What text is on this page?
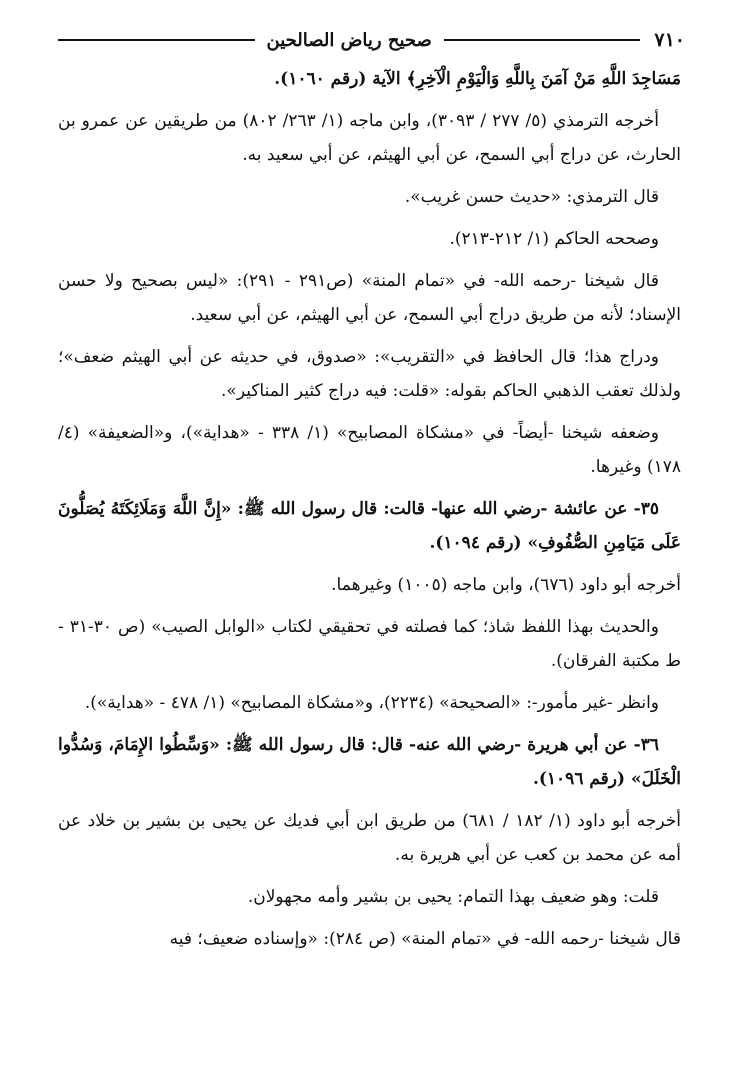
٧١٠
صحيح رياض الصالحين

مَسَاجِدَ اللَّهِ مَنْ آمَنَ بِاللَّهِ وَالْيَوْمِ الْآخِرِ﴾ الآية (رقم ١٠٦٠).

أخرجه الترمذي (٥/ ٢٧٧ / ٣٠٩٣)، وابن ماجه (١/ ٢٦٣/ ٨٠٢) من طريقين عن عمرو بن الحارث، عن دراج أبي السمح، عن أبي الهيثم، عن أبي سعيد به.

قال الترمذي: «حديث حسن غريب».

وصححه الحاكم (١/ ٢١٢-٢١٣).

قال شيخنا -رحمه الله- في «تمام المنة» (ص٢٩١ - ٢٩١): «ليس بصحيح ولا حسن الإسناد؛ لأنه من طريق دراج أبي السمح، عن أبي الهيثم، عن أبي سعيد.

ودراج هذا؛ قال الحافظ في «التقريب»: «صدوق، في حديثه عن أبي الهيثم ضعف»؛ ولذلك تعقب الذهبي الحاكم بقوله: «قلت: فيه دراج كثير المناكير».

وضعفه شيخنا -أيضاً- في «مشكاة المصابيح» (١/ ٣٣٨ - «هداية»)، و«الضعيفة» (٤/ ١٧٨) وغيرها.

٣٥- عن عائشة -رضي الله عنها- قالت: قال رسول الله ﷺ: «إِنَّ اللَّهَ وَمَلَائِكَتَهُ يُصَلُّونَ عَلَى مَيَامِنِ الصُّفُوفِ» (رقم ١٠٩٤).

أخرجه أبو داود (٦٧٦)، وابن ماجه (١٠٠٥) وغيرهما.

والحديث بهذا اللفظ شاذ؛ كما فصلته في تحقيقي لكتاب «الوابل الصيب» (ص ٣٠-٣١ - ط مكتبة الفرقان).

وانظر -غير مأمور-: «الصحيحة» (٢٢٣٤)، و«مشكاة المصابيح» (١/ ٤٧٨ - «هداية»).

٣٦- عن أبي هريرة -رضي الله عنه- قال: قال رسول الله ﷺ: «وَسِّطُوا الإِمَامَ، وَسُدُّوا الْخَلَلَ» (رقم ١٠٩٦).

أخرجه أبو داود (١/ ١٨٢ / ٦٨١) من طريق ابن أبي فديك عن يحيى بن بشير بن خلاد عن أمه عن محمد بن كعب عن أبي هريرة به.

قلت: وهو ضعيف بهذا التمام: يحيى بن بشير وأمه مجهولان.

قال شيخنا -رحمه الله- في «تمام المنة» (ص ٢٨٤): «وإسناده ضعيف؛ فيه
